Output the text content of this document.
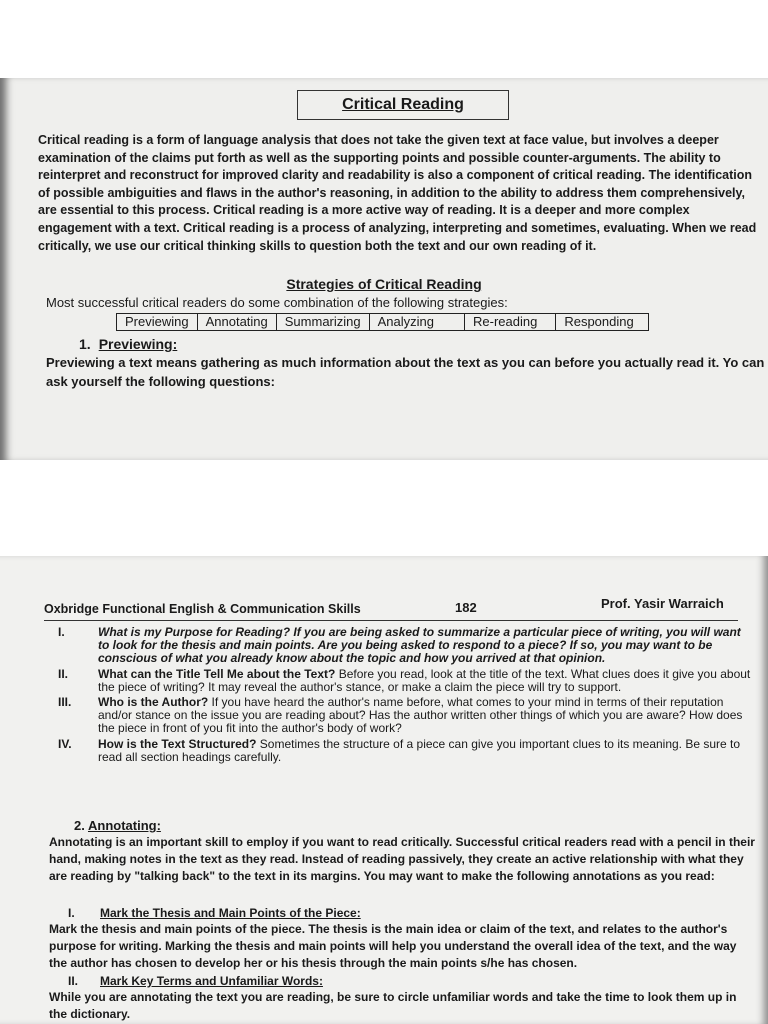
Critical Reading

Critical reading is a form of language analysis that does not take the given text at face value, but involves a deeper examination of the claims put forth as well as the supporting points and possible counter-arguments. The ability to reinterpret and reconstruct for improved clarity and readability is also a component of critical reading. The identification of possible ambiguities and flaws in the author's reasoning, in addition to the ability to address them comprehensively, are essential to this process. Critical reading is a more active way of reading. It is a deeper and more complex engagement with a text. Critical reading is a process of analyzing, interpreting and sometimes, evaluating. When we read critically, we use our critical thinking skills to question both the text and our own reading of it.

Strategies of Critical Reading

Most successful critical readers do some combination of the following strategies:

Previewing	Annotating	Summarizing	Analyzing	Re-reading	Responding
1. Previewing:

Previewing a text means gathering as much information about the text as you can before you actually read it. Yo can ask yourself the following questions:

Oxbridge Functional English & Communication Skills	182	Prof. Yasir Warraich
I.	What is my Purpose for Reading? If you are being asked to summarize a particular piece of writing, you will want to look for the thesis and main points. Are you being asked to respond to a piece? If so, you may want to be conscious of what you already know about the topic and how you arrived at that opinion.
II.	What can the Title Tell Me about the Text? Before you read, look at the title of the text. What clues does it give you about the piece of writing? It may reveal the author's stance, or make a claim the piece will try to support.
III.	Who is the Author? If you have heard the author's name before, what comes to your mind in terms of their reputation and/or stance on the issue you are reading about? Has the author written other things of which you are aware? How does the piece in front of you fit into the author's body of work?
IV.	How is the Text Structured? Sometimes the structure of a piece can give you important clues to its meaning. Be sure to read all section headings carefully.
2. Annotating:

Annotating is an important skill to employ if you want to read critically. Successful critical readers read with a pencil in their hand, making notes in the text as they read. Instead of reading passively, they create an active relationship with what they are reading by "talking back" to the text in its margins. You may want to make the following annotations as you read:

I. Mark the Thesis and Main Points of the Piece:

Mark the thesis and main points of the piece. The thesis is the main idea or claim of the text, and relates to the author's purpose for writing. Marking the thesis and main points will help you understand the overall idea of the text, and the way the author has chosen to develop her or his thesis through the main points s/he has chosen.

II. Mark Key Terms and Unfamiliar Words:

While you are annotating the text you are reading, be sure to circle unfamiliar words and take the time to look them up in the dictionary.
